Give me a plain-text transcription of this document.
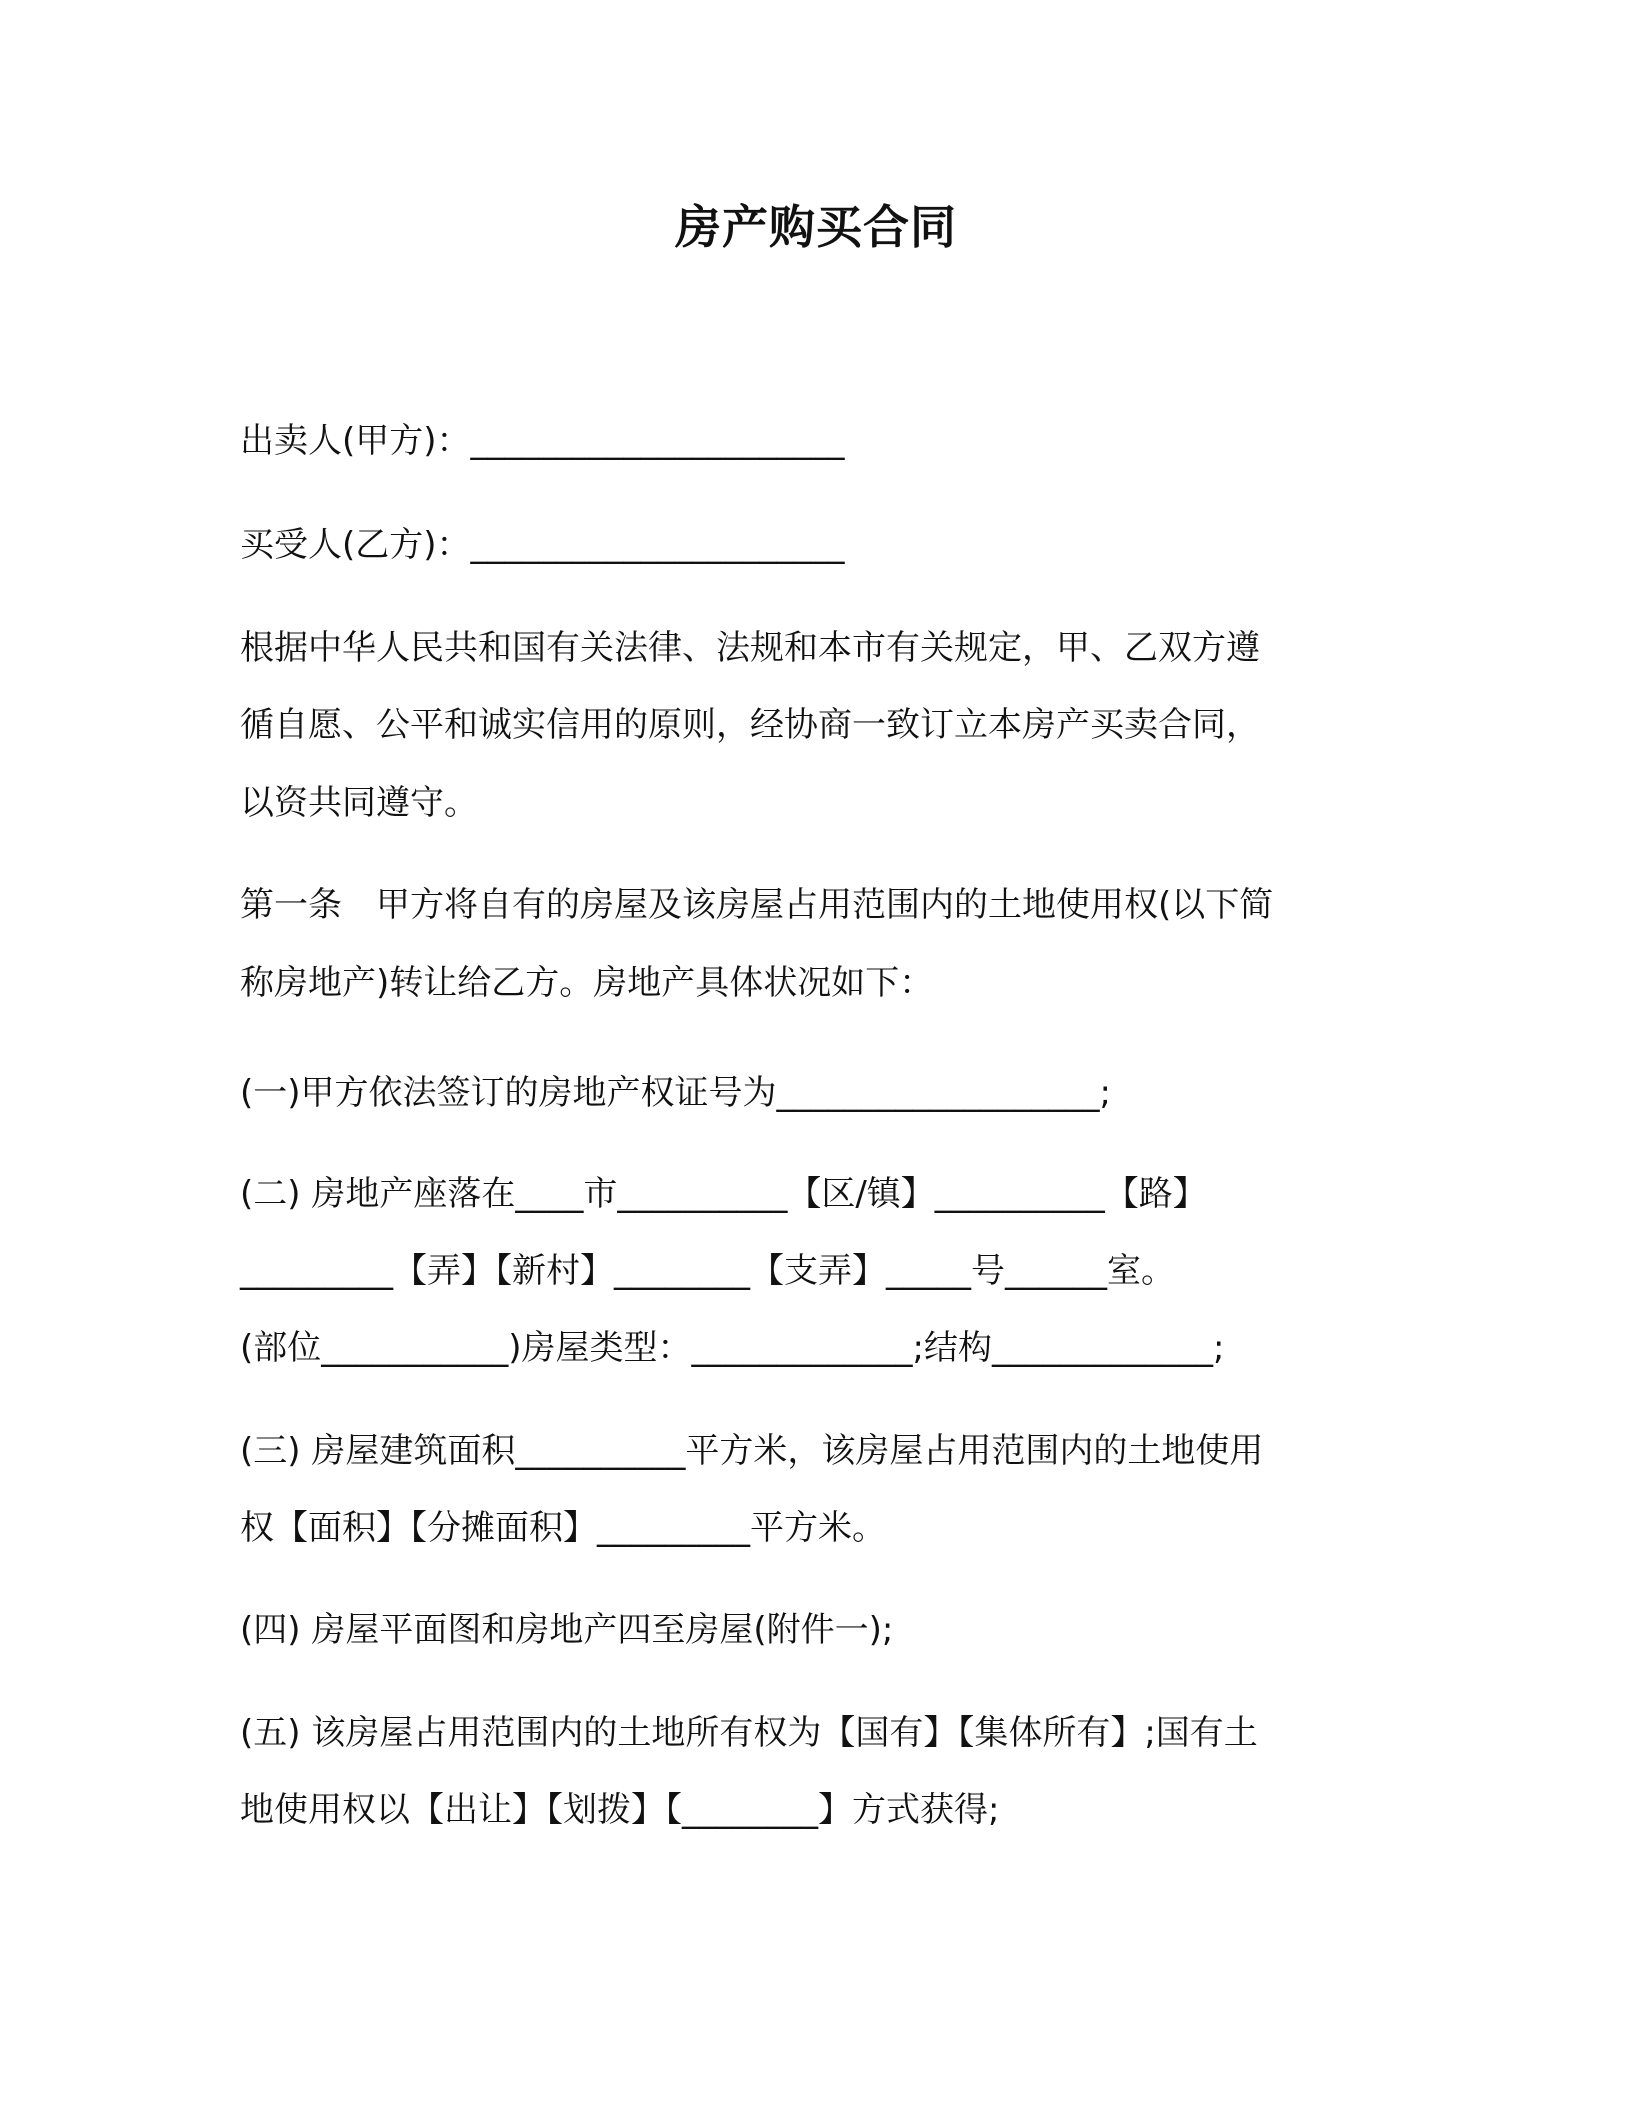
房产购买合同
出卖人(甲方)：______________________
买受人(乙方)：______________________
根据中华人民共和国有关法律、法规和本市有关规定，甲、乙双方遵
循自愿、公平和诚实信用的原则，经协商一致订立本房产买卖合同，
以资共同遵守。
第一条　甲方将自有的房屋及该房屋占用范围内的土地使用权(以下简
称房地产)转让给乙方。房地产具体状况如下：
(一)甲方依法签订的房地产权证号为___________________;
(二) 房地产座落在____市__________【区/镇】__________【路】
_________【弄】【新村】________【支弄】_____号______室。
(部位___________)房屋类型：_____________;结构_____________;
(三) 房屋建筑面积__________平方米，该房屋占用范围内的土地使用
权【面积】【分摊面积】_________平方米。
(四) 房屋平面图和房地产四至房屋(附件一);
(五) 该房屋占用范围内的土地所有权为【国有】【集体所有】;国有土
地使用权以【出让】【划拨】【________】方式获得;
